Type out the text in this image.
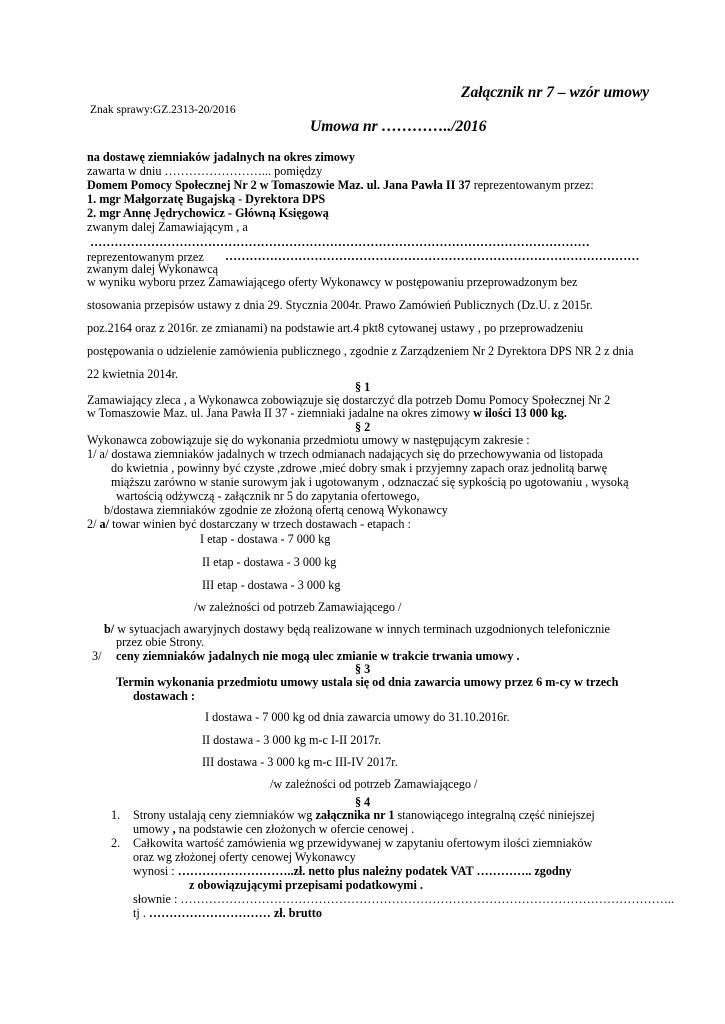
Załącznik nr 7 – wzór umowy
Znak sprawy:GZ.2313-20/2016
Umowa nr …………../2016
na dostawę ziemniaków jadalnych na okres zimowy
zawarta w dniu ……………………... pomiędzy
Domem Pomocy Społecznej Nr 2 w Tomaszowie Maz. ul. Jana Pawła II 37 reprezentowanym przez:
1. mgr Małgorzatę Bugajską - Dyrektora DPS
2. mgr Annę Jędrychowicz - Główną Księgową
zwanym dalej Zamawiającym , a
……………………………………………………………………………………………………………
reprezentowanym przez …………………………………………………………………………………………
zwanym dalej Wykonawcą
w wyniku wyboru przez Zamawiającego oferty Wykonawcy w postępowaniu przeprowadzonym bez
stosowania przepisów ustawy z dnia 29. Stycznia 2004r. Prawo Zamówień Publicznych (Dz.U. z 2015r.
poz.2164 oraz z 2016r. ze zmianami) na podstawie art.4 pkt8 cytowanej ustawy , po przeprowadzeniu
postępowania o udzielenie zamówienia publicznego , zgodnie z Zarządzeniem Nr 2 Dyrektora DPS NR 2 z dnia
22 kwietnia 2014r.
§ 1
Zamawiający zleca , a Wykonawca zobowiązuje się dostarczyć dla potrzeb Domu Pomocy Społecznej Nr 2
w Tomaszowie Maz. ul. Jana Pawła II 37 - ziemniaki jadalne na okres zimowy w ilości 13 000 kg.
§ 2
Wykonawca zobowiązuje się do wykonania przedmiotu umowy w następującym zakresie :
1/ a/ dostawa ziemniaków jadalnych w trzech odmianach nadających się do przechowywania od listopada
do kwietnia , powinny być czyste ,zdrowe ,mieć dobry smak i przyjemny zapach oraz jednolitą barwę
miąższu zarówno w stanie surowym jak i ugotowanym , odznaczać się sypkością po ugotowaniu , wysoką
wartością odżywczą - załącznik nr 5 do zapytania ofertowego,
b/dostawa ziemniaków zgodnie ze złożoną ofertą cenową Wykonawcy
2/ a/ towar winien być dostarczany w trzech dostawach - etapach :
I etap - dostawa - 7 000 kg
II etap - dostawa - 3 000 kg
III etap - dostawa - 3 000 kg
/w zależności od potrzeb Zamawiającego /
b/ w sytuacjach awaryjnych dostawy będą realizowane w innych terminach uzgodnionych telefonicznie
przez obie Strony.
3/ ceny ziemniaków jadalnych nie mogą ulec zmianie w trakcie trwania umowy .
§ 3
Termin wykonania przedmiotu umowy ustala się od dnia zawarcia umowy przez 6 m-cy w trzech
dostawach :
I dostawa - 7 000 kg od dnia zawarcia umowy do 31.10.2016r.
II dostawa - 3 000 kg m-c I-II 2017r.
III dostawa - 3 000 kg m-c III-IV 2017r.
/w zależności od potrzeb Zamawiającego /
§ 4
1. Strony ustalają ceny ziemniaków wg załącznika nr 1 stanowiącego integralną część niniejszej
umowy , na podstawie cen złożonych w ofercie cenowej .
2. Całkowita wartość zamówienia wg przewidywanej w zapytaniu ofertowym ilości ziemniaków
oraz wg złożonej oferty cenowej Wykonawcy
wynosi : ………………………..zł. netto plus należny podatek VAT ………….. zgodny
z obowiązującymi przepisami podatkowymi .
słownie : …………………………………………………………………………………………………………..
tj . ………………………… zł. brutto
